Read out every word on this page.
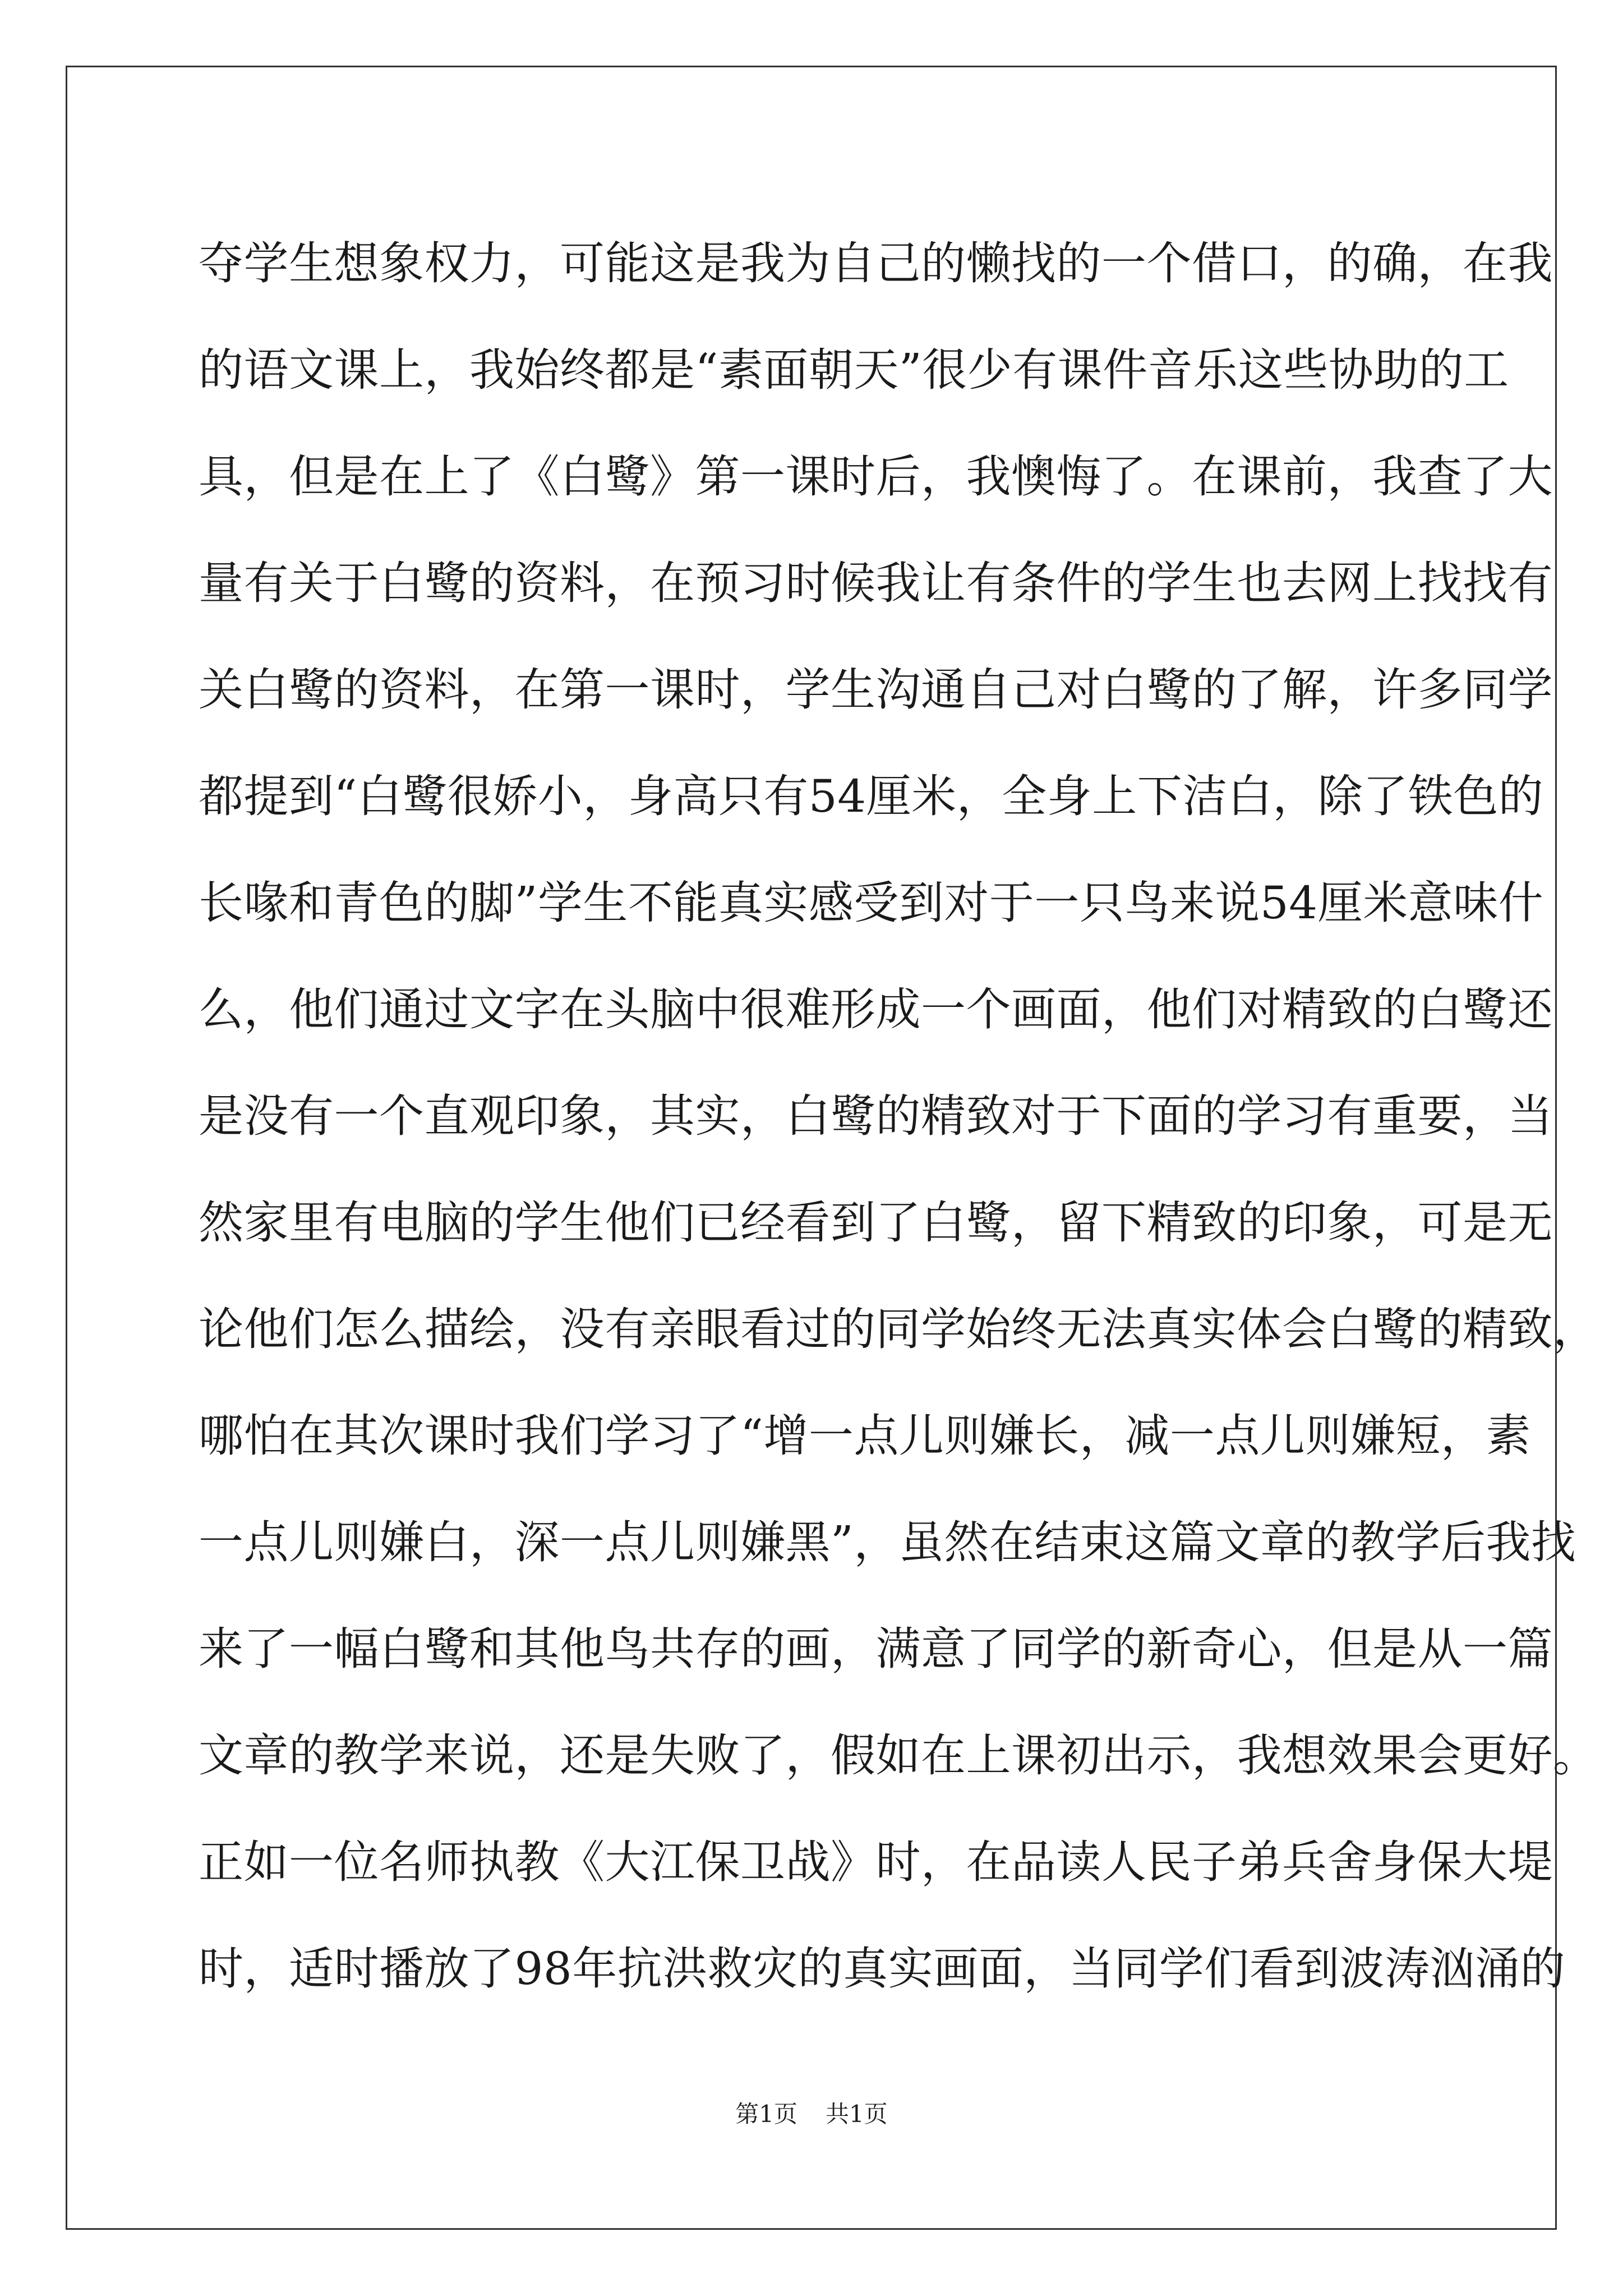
夺学生想象权力，可能这是我为自己的懒找的一个借口，的确，在我
的语文课上，我始终都是“素面朝天”很少有课件音乐这些协助的工
具，但是在上了《白鹭》第一课时后，我懊悔了。在课前，我查了大
量有关于白鹭的资料，在预习时候我让有条件的学生也去网上找找有
关白鹭的资料，在第一课时，学生沟通自己对白鹭的了解，许多同学
都提到“白鹭很娇小，身高只有54厘米，全身上下洁白，除了铁色的
长喙和青色的脚”学生不能真实感受到对于一只鸟来说54厘米意味什
么，他们通过文字在头脑中很难形成一个画面，他们对精致的白鹭还
是没有一个直观印象，其实，白鹭的精致对于下面的学习有重要，当
然家里有电脑的学生他们已经看到了白鹭，留下精致的印象，可是无
论他们怎么描绘，没有亲眼看过的同学始终无法真实体会白鹭的精致，
哪怕在其次课时我们学习了“增一点儿则嫌长，减一点儿则嫌短，素
一点儿则嫌白，深一点儿则嫌黑”，虽然在结束这篇文章的教学后我找
来了一幅白鹭和其他鸟共存的画，满意了同学的新奇心，但是从一篇
文章的教学来说，还是失败了，假如在上课初出示，我想效果会更好。
正如一位名师执教《大江保卫战》时，在品读人民子弟兵舍身保大堤
时，适时播放了98年抗洪救灾的真实画面，当同学们看到波涛汹涌的
第1页 共1页
